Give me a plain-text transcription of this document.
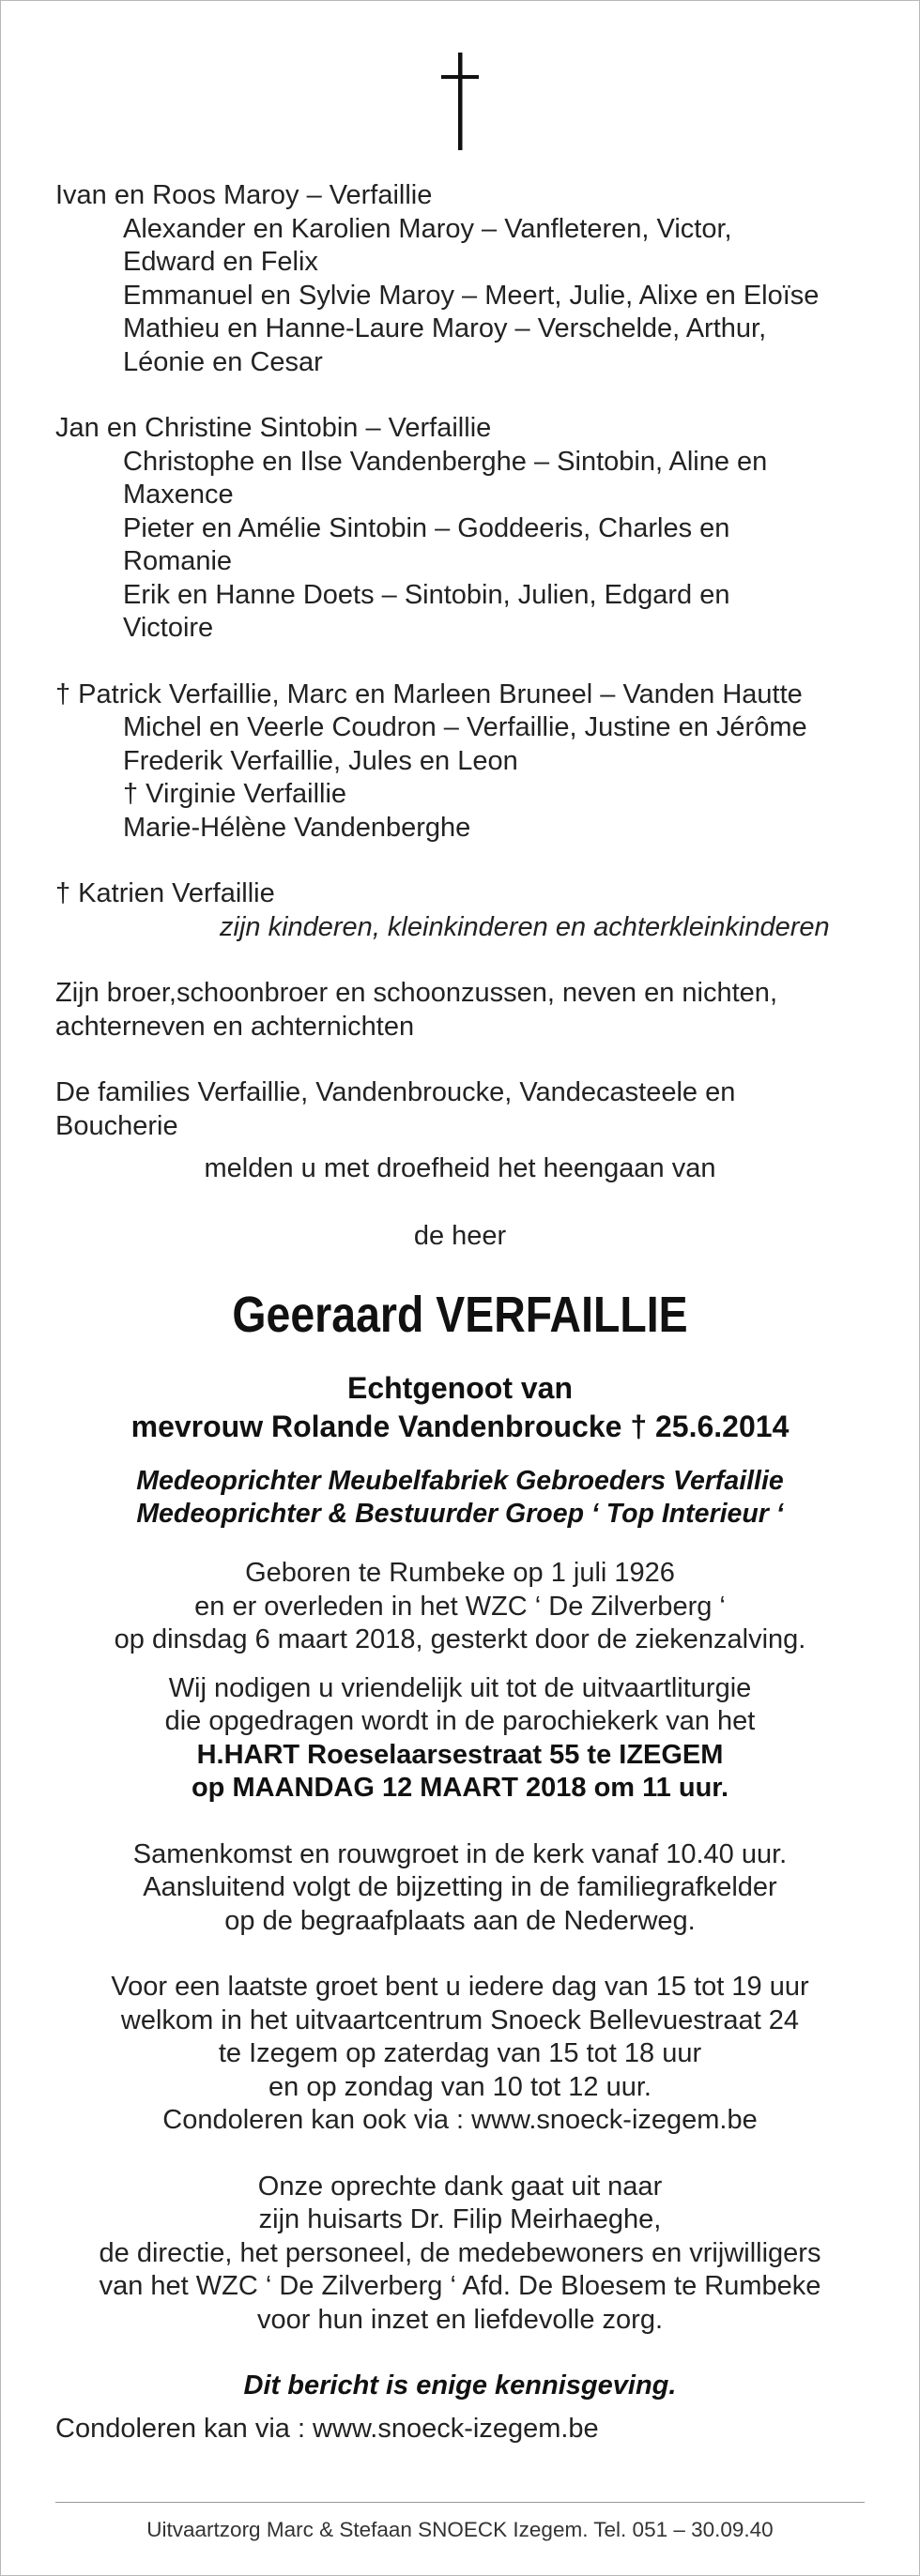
Ivan en Roos Maroy – Verfaillie
Alexander en Karolien Maroy – Vanfleteren, Victor,
Edward en Felix
Emmanuel en Sylvie Maroy – Meert, Julie, Alixe en Eloïse
Mathieu en Hanne-Laure Maroy – Verschelde, Arthur,
Léonie en Cesar
Jan en Christine Sintobin – Verfaillie
Christophe en Ilse Vandenberghe – Sintobin, Aline en
Maxence
Pieter en Amélie Sintobin – Goddeeris, Charles en
Romanie
Erik en Hanne Doets – Sintobin, Julien, Edgard en
Victoire
† Patrick Verfaillie, Marc en Marleen Bruneel – Vanden Hautte
Michel en Veerle Coudron – Verfaillie, Justine en Jérôme
Frederik Verfaillie, Jules en Leon
† Virginie Verfaillie
Marie-Hélène Vandenberghe
† Katrien Verfaillie
zijn kinderen, kleinkinderen en achterkleinkinderen
Zijn broer,schoonbroer en schoonzussen, neven en nichten,
achterneven en achternichten
De families Verfaillie, Vandenbroucke, Vandecasteele en
Boucherie
melden u met droefheid het heengaan van
de heer
Geeraard VERFAILLIE
Echtgenoot van
mevrouw Rolande Vandenbroucke † 25.6.2014
Medeoprichter Meubelfabriek Gebroeders Verfaillie
Medeoprichter & Bestuurder Groep ‘ Top Interieur ‘
Geboren te Rumbeke op 1 juli 1926
en er overleden in het WZC ‘ De Zilverberg ‘
op dinsdag 6 maart 2018, gesterkt door de ziekenzalving.
Wij nodigen u vriendelijk uit tot de uitvaartliturgie
die opgedragen wordt in de parochiekerk van het
H.HART Roeselaarsestraat 55 te IZEGEM
op MAANDAG 12 MAART 2018 om 11 uur.
Samenkomst en rouwgroet in de kerk vanaf 10.40 uur.
Aansluitend volgt de bijzetting in de familiegrafkelder
op de begraafplaats aan de Nederweg.
Voor een laatste groet bent u iedere dag van 15 tot 19 uur
welkom in het uitvaartcentrum Snoeck Bellevuestraat 24
te Izegem op zaterdag van 15 tot 18 uur
en op zondag van 10 tot 12 uur.
Condoleren kan ook via : www.snoeck-izegem.be
Onze oprechte dank gaat uit naar
zijn huisarts Dr. Filip Meirhaeghe,
de directie, het personeel, de medebewoners en vrijwilligers
van het WZC ‘ De Zilverberg ‘ Afd. De Bloesem te Rumbeke
voor hun inzet en liefdevolle zorg.
Dit bericht is enige kennisgeving.
Condoleren kan via : www.snoeck-izegem.be
Uitvaartzorg Marc & Stefaan SNOECK Izegem. Tel. 051 – 30.09.40
